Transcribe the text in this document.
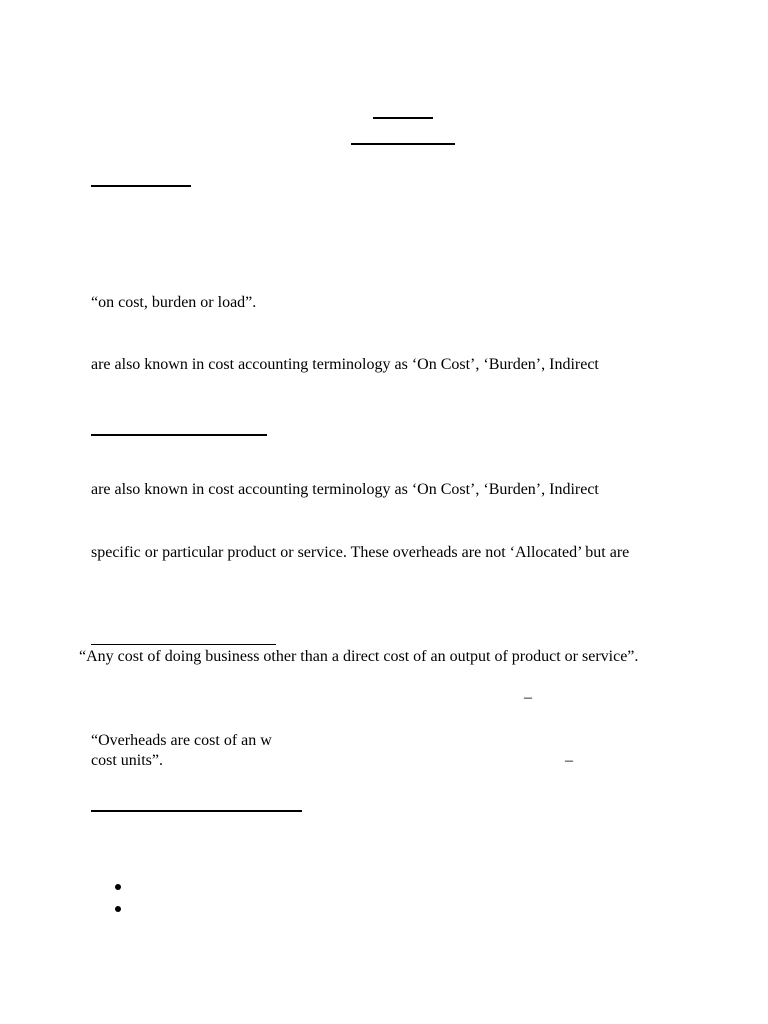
“on cost, burden or load”.
are also known in cost accounting terminology as ‘On Cost’, ‘Burden’, Indirect
are also known in cost accounting terminology as ‘On Cost’, ‘Burden’, Indirect
specific or particular product or service. These overheads are not ‘Allocated’ but are
“Any cost of doing business other than a direct cost of an output of product or service”.
–
“Overheads are cost of an w
cost units”.	–
